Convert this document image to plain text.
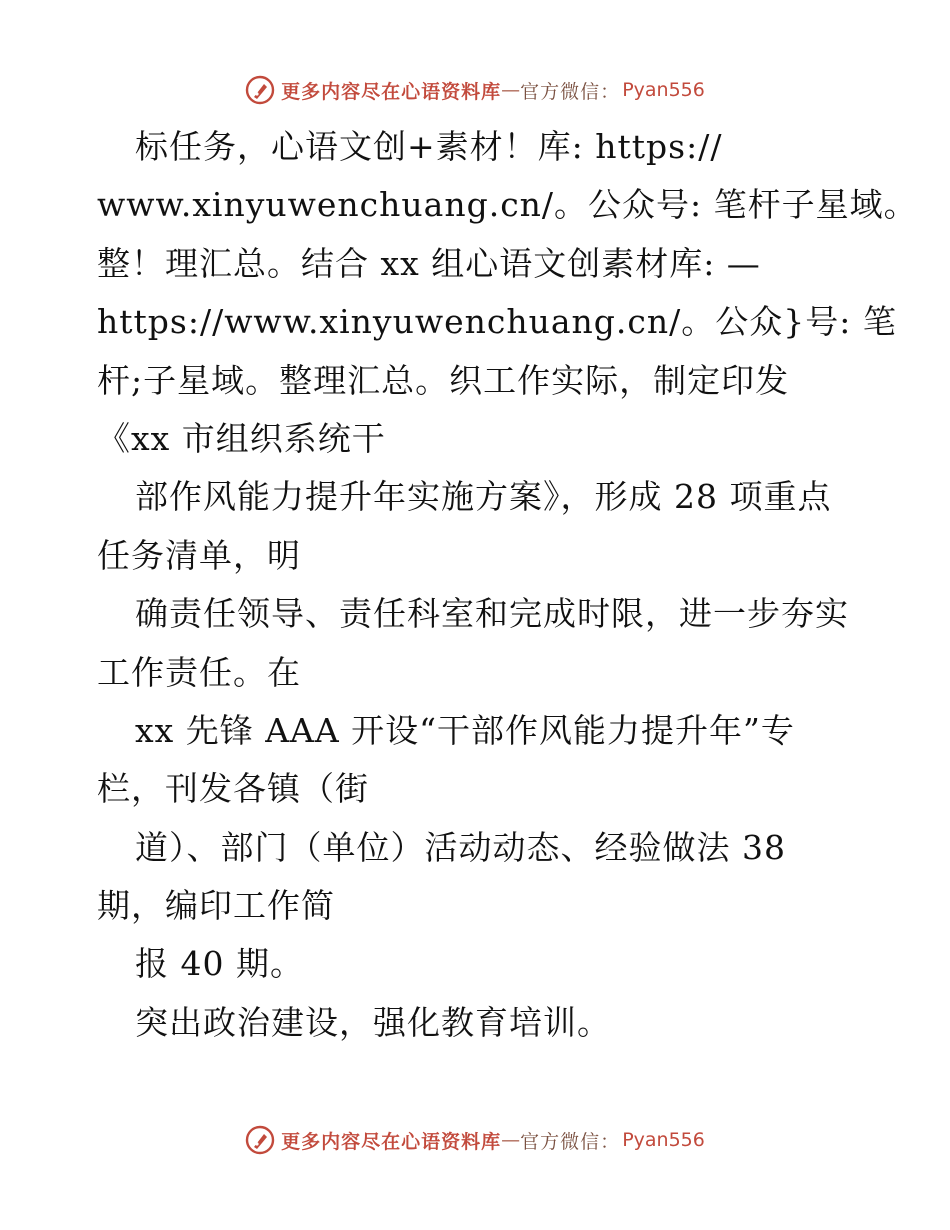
更多内容尽在心语资料库 — 官方微信： Pyan556
标任务，心语文创+素材！库: https://
www.xinyuwenchuang.cn/。公众号: 笔杆子星域。
整！理汇总。结合 xx 组心语文创素材库: —
https://www.xinyuwenchuang.cn/。公众}号: 笔
杆;子星域。整理汇总。织工作实际，制定印发
《xx 市组织系统干
部作风能力提升年实施方案》，形成 28 项重点
任务清单，明
确责任领导、责任科室和完成时限，进一步夯实
工作责任。在
xx 先锋 AAA 开设“干部作风能力提升年”专
栏，刊发各镇（街
道）、部门（单位）活动动态、经验做法 38
期，编印工作简
报 40 期。
突出政治建设，强化教育培训。
更多内容尽在心语资料库 — 官方微信： Pyan556
